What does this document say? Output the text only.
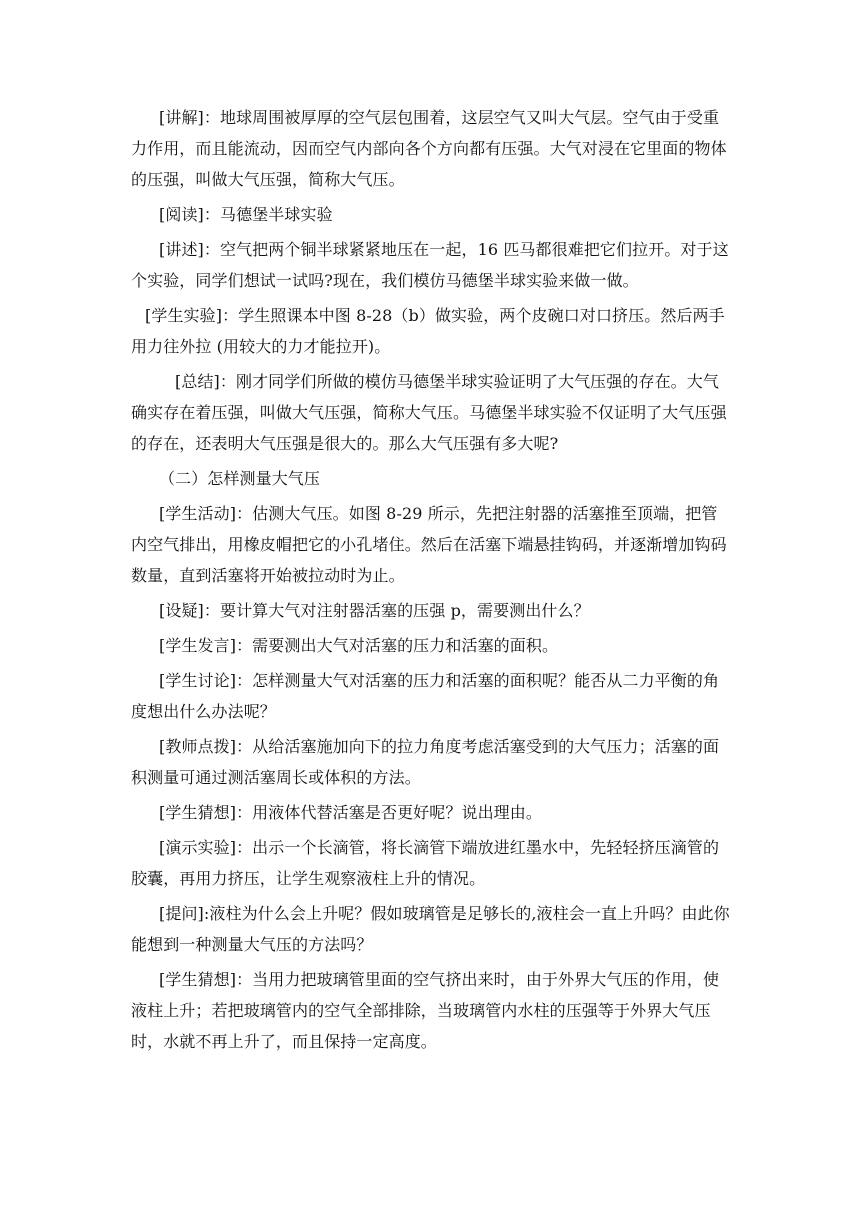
[讲解]：地球周围被厚厚的空气层包围着，这层空气又叫大气层。空气由于受重力作用，而且能流动，因而空气内部向各个方向都有压强。大气对浸在它里面的物体的压强，叫做大气压强，简称大气压。

[阅读]：马德堡半球实验

[讲述]：空气把两个铜半球紧紧地压在一起，16 匹马都很难把它们拉开。对于这个实验，同学们想试一试吗?现在，我们模仿马德堡半球实验来做一做。

[学生实验]：学生照课本中图 8-28（b）做实验，两个皮碗口对口挤压。然后两手用力往外拉 (用较大的力才能拉开)。

[总结]：刚才同学们所做的模仿马德堡半球实验证明了大气压强的存在。大气确实存在着压强，叫做大气压强，简称大气压。马德堡半球实验不仅证明了大气压强的存在，还表明大气压强是很大的。那么大气压强有多大呢?

（二）怎样测量大气压

[学生活动]：估测大气压。如图 8-29 所示，先把注射器的活塞推至顶端，把管内空气排出，用橡皮帽把它的小孔堵住。然后在活塞下端悬挂钩码，并逐渐增加钩码数量，直到活塞将开始被拉动时为止。

[设疑]：要计算大气对注射器活塞的压强 p，需要测出什么？

[学生发言]：需要测出大气对活塞的压力和活塞的面积。

[学生讨论]：怎样测量大气对活塞的压力和活塞的面积呢？能否从二力平衡的角度想出什么办法呢？

[教师点拨]：从给活塞施加向下的拉力角度考虑活塞受到的大气压力；活塞的面积测量可通过测活塞周长或体积的方法。

[学生猜想]：用液体代替活塞是否更好呢？说出理由。

[演示实验]：出示一个长滴管，将长滴管下端放进红墨水中，先轻轻挤压滴管的胶囊，再用力挤压，让学生观察液柱上升的情况。

[提问]:液柱为什么会上升呢？假如玻璃管是足够长的,液柱会一直上升吗？由此你能想到一种测量大气压的方法吗？

[学生猜想]：当用力把玻璃管里面的空气挤出来时，由于外界大气压的作用，使液柱上升；若把玻璃管内的空气全部排除，当玻璃管内水柱的压强等于外界大气压时，水就不再上升了，而且保持一定高度。
